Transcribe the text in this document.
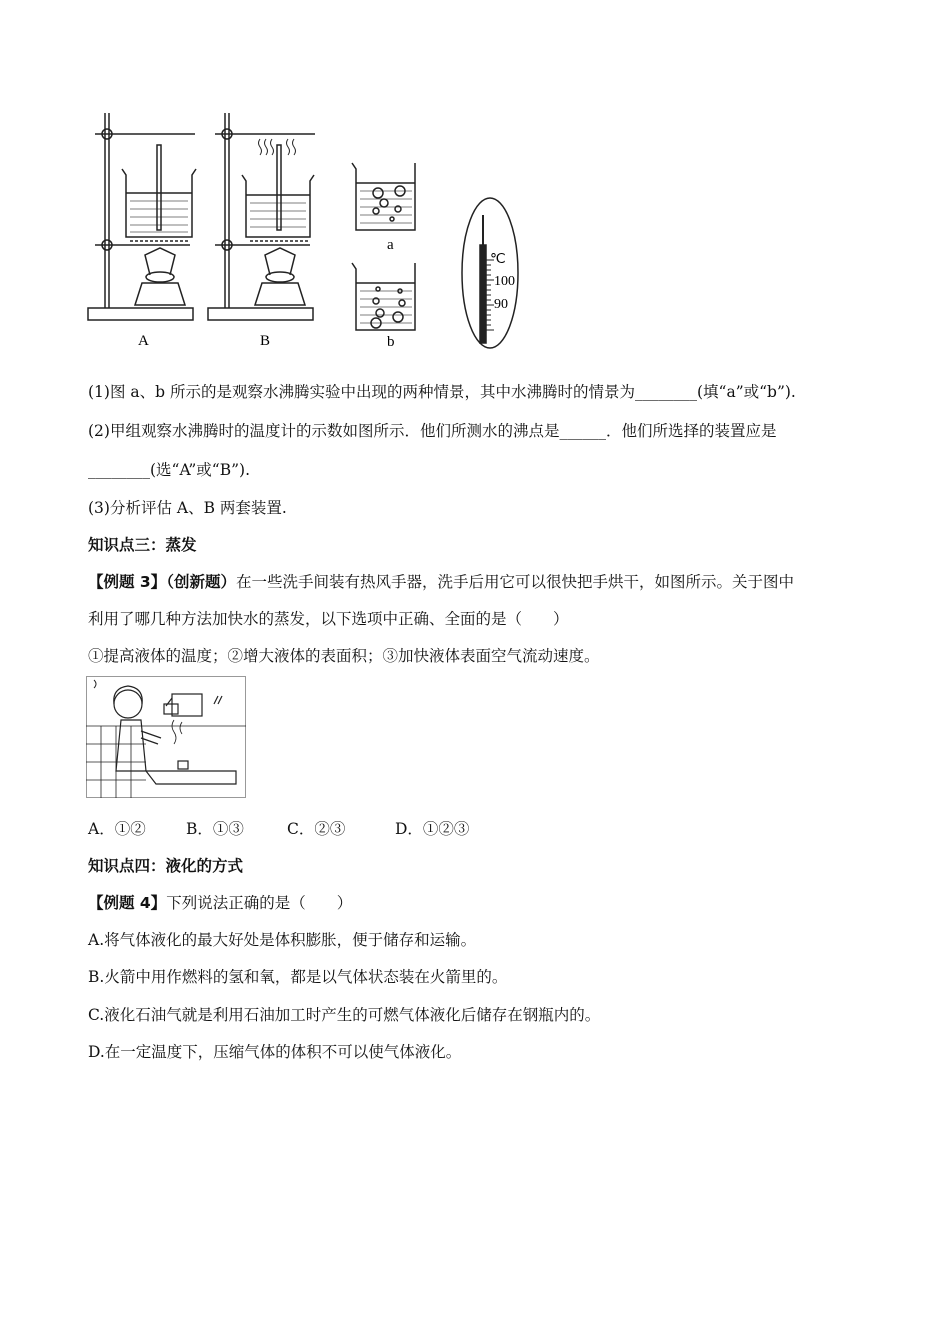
A	B
a
b
℃
100
90
(1)图 a、b 所示的是观察水沸腾实验中出现的两种情景，其中水沸腾时的情景为________(填“a”或“b”).
(2)甲组观察水沸腾时的温度计的示数如图所示．他们所测水的沸点是______．他们所选择的装置应是
________(选“A”或“B”).
(3)分析评估 A、B 两套装置.
知识点三：蒸发
【例题 3】（创新题）在一些洗手间装有热风手器，洗手后用它可以很快把手烘干，如图所示。关于图中
利用了哪几种方法加快水的蒸发，以下选项中正确、全面的是（　　）
①提高液体的温度；②增大液体的表面积；③加快液体表面空气流动速度。
A．①②	B．①③	C．②③	D．①②③
知识点四：液化的方式
【例题 4】下列说法正确的是（　　）
A.将气体液化的最大好处是体积膨胀，便于储存和运输。
B.火箭中用作燃料的氢和氧，都是以气体状态装在火箭里的。
C.液化石油气就是利用石油加工时产生的可燃气体液化后储存在钢瓶内的。
D.在一定温度下，压缩气体的体积不可以使气体液化。
